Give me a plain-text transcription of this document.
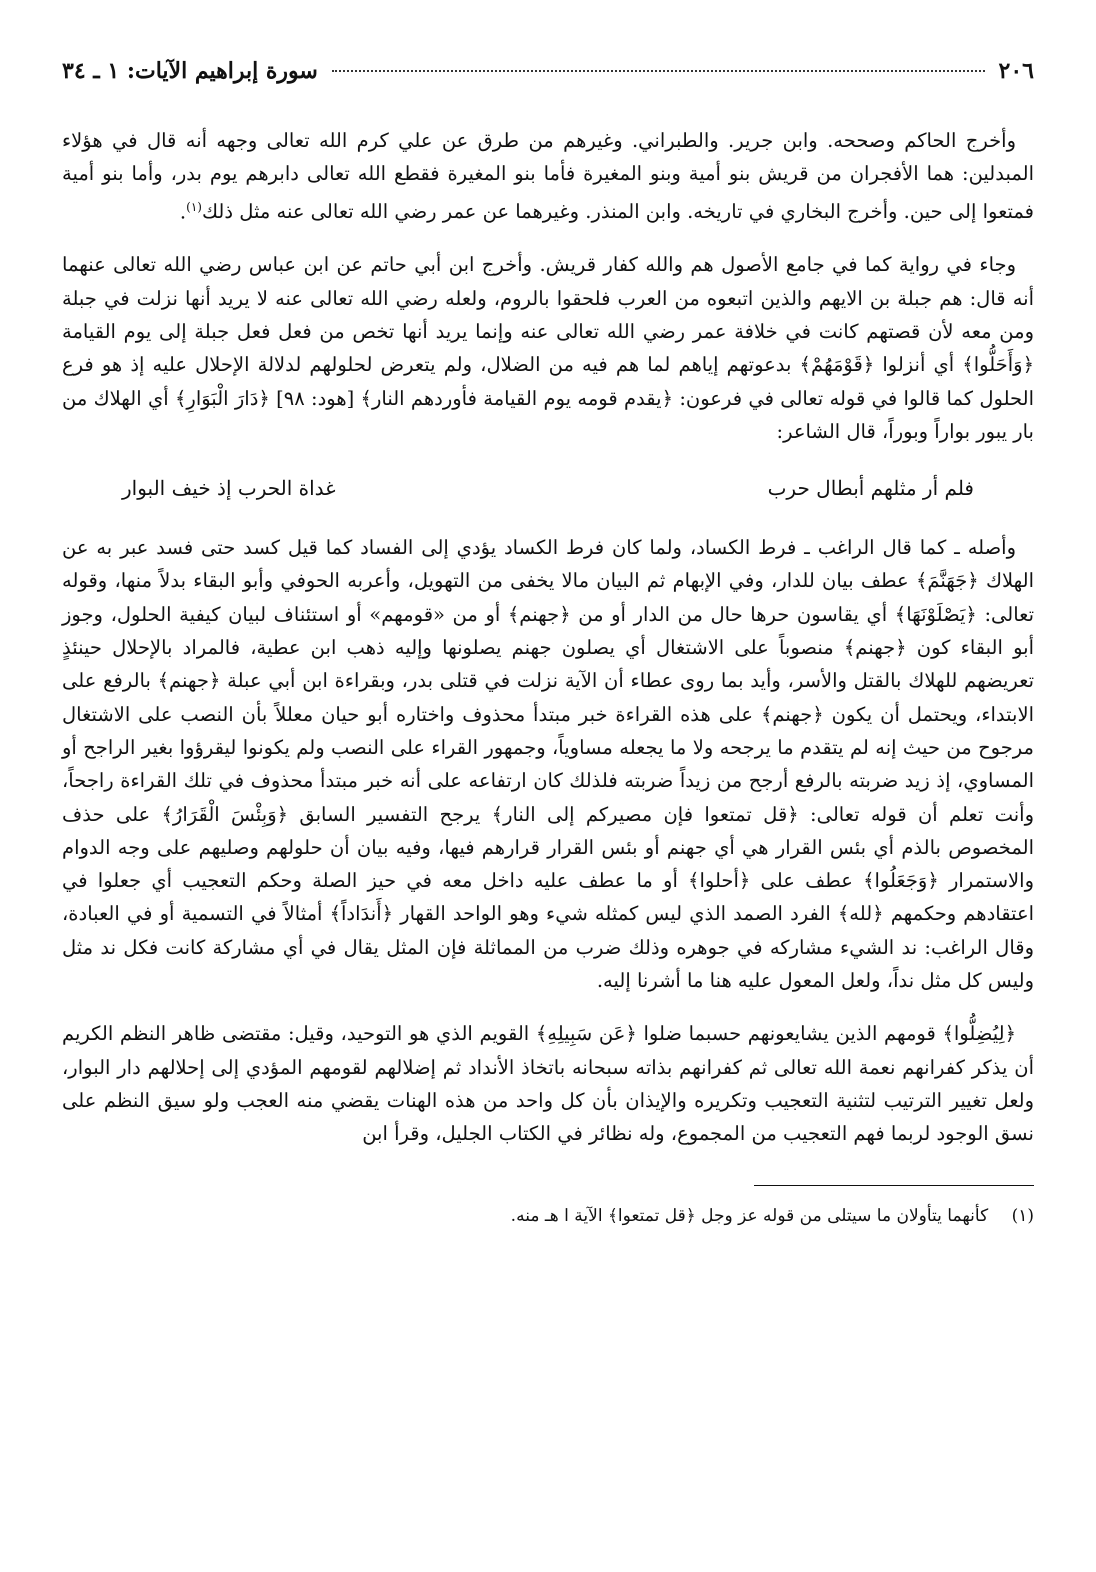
٢٠٦
سورة إبراهيم الآيات: ١ ـ ٣٤

وأخرج الحاكم وصححه. وابن جرير. والطبراني. وغيرهم من طرق عن علي كرم الله تعالى وجهه أنه قال في هؤلاء المبدلين: هما الأفجران من قريش بنو أمية وبنو المغيرة فأما بنو المغيرة فقطع الله تعالى دابرهم يوم بدر، وأما بنو أمية فمتعوا إلى حين. وأخرج البخاري في تاريخه. وابن المنذر. وغيرهما عن عمر رضي الله تعالى عنه مثل ذلك$^{(١)}$.

وجاء في رواية كما في جامع الأصول هم والله كفار قريش. وأخرج ابن أبي حاتم عن ابن عباس رضي الله تعالى عنهما أنه قال: هم جبلة بن الايهم والذين اتبعوه من العرب فلحقوا بالروم، ولعله رضي الله تعالى عنه لا يريد أنها نزلت في جبلة ومن معه لأن قصتهم كانت في خلافة عمر رضي الله تعالى عنه وإنما يريد أنها تخص من فعل فعل جبلة إلى يوم القيامة ﴿وَأَحَلُّوا﴾ أي أنزلوا ﴿قَوْمَهُمْ﴾ بدعوتهم إياهم لما هم فيه من الضلال، ولم يتعرض لحلولهم لدلالة الإحلال عليه إذ هو فرع الحلول كما قالوا في قوله تعالى في فرعون: ﴿يقدم قومه يوم القيامة فأوردهم النار﴾ [هود: ٩٨] ﴿دَارَ الْبَوَارِ﴾ أي الهلاك من بار يبور بواراً وبوراً، قال الشاعر:

فلم أر مثلهم أبطال حرب
غداة الحرب إذ خيف البوار

وأصله ـ كما قال الراغب ـ فرط الكساد، ولما كان فرط الكساد يؤدي إلى الفساد كما قيل كسد حتى فسد عبر به عن الهلاك ﴿جَهَنَّمَ﴾ عطف بيان للدار، وفي الإبهام ثم البيان مالا يخفى من التهويل، وأعربه الحوفي وأبو البقاء بدلاً منها، وقوله تعالى: ﴿يَصْلَوْنَهَا﴾ أي يقاسون حرها حال من الدار أو من ﴿جهنم﴾ أو من «قومهم» أو استئناف لبيان كيفية الحلول، وجوز أبو البقاء كون ﴿جهنم﴾ منصوباً على الاشتغال أي يصلون جهنم يصلونها وإليه ذهب ابن عطية، فالمراد بالإحلال حينئذٍ تعريضهم للهلاك بالقتل والأسر، وأيد بما روى عطاء أن الآية نزلت في قتلى بدر، وبقراءة ابن أبي عبلة ﴿جهنم﴾ بالرفع على الابتداء، ويحتمل أن يكون ﴿جهنم﴾ على هذه القراءة خبر مبتدأ محذوف واختاره أبو حيان معللاً بأن النصب على الاشتغال مرجوح من حيث إنه لم يتقدم ما يرجحه ولا ما يجعله مساوياً، وجمهور القراء على النصب ولم يكونوا ليقرؤوا بغير الراجح أو المساوي، إذ زيد ضربته بالرفع أرجح من زيداً ضربته فلذلك كان ارتفاعه على أنه خبر مبتدأ محذوف في تلك القراءة راجحاً، وأنت تعلم أن قوله تعالى: ﴿قل تمتعوا فإن مصيركم إلى النار﴾ يرجح التفسير السابق ﴿وَبِئْسَ الْقَرَارُ﴾ على حذف المخصوص بالذم أي بئس القرار هي أي جهنم أو بئس القرار قرارهم فيها، وفيه بيان أن حلولهم وصليهم على وجه الدوام والاستمرار ﴿وَجَعَلُوا﴾ عطف على ﴿أحلوا﴾ أو ما عطف عليه داخل معه في حيز الصلة وحكم التعجيب أي جعلوا في اعتقادهم وحكمهم ﴿لله﴾ الفرد الصمد الذي ليس كمثله شيء وهو الواحد القهار ﴿أَندَاداً﴾ أمثالاً في التسمية أو في العبادة، وقال الراغب: ند الشيء مشاركه في جوهره وذلك ضرب من المماثلة فإن المثل يقال في أي مشاركة كانت فكل ند مثل وليس كل مثل نداً، ولعل المعول عليه هنا ما أشرنا إليه.

﴿لِيُضِلُّوا﴾ قومهم الذين يشايعونهم حسبما ضلوا ﴿عَن سَبِيلِهِ﴾ القويم الذي هو التوحيد، وقيل: مقتضى ظاهر النظم الكريم أن يذكر كفرانهم نعمة الله تعالى ثم كفرانهم بذاته سبحانه باتخاذ الأنداد ثم إضلالهم لقومهم المؤدي إلى إحلالهم دار البوار، ولعل تغيير الترتيب لتثنية التعجيب وتكريره والإيذان بأن كل واحد من هذه الهنات يقضي منه العجب ولو سيق النظم على نسق الوجود لربما فهم التعجيب من المجموع، وله نظائر في الكتاب الجليل، وقرأ ابن

(١) كأنهما يتأولان ما سيتلى من قوله عز وجل ﴿قل تمتعوا﴾ الآية ا هـ منه.
